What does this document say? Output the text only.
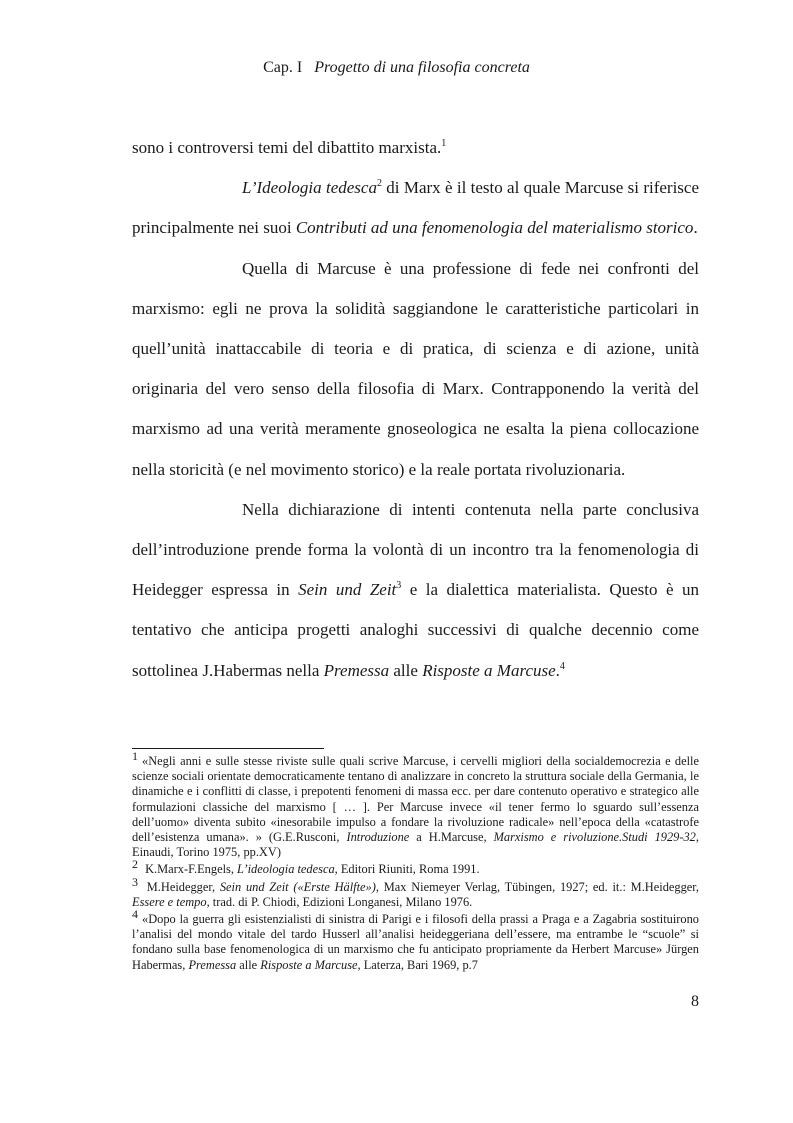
Cap. I Progetto di una filosofia concreta

sono i controversi temi del dibattito marxista.$^1$

L’Ideologia tedesca$^2$ di Marx è il testo al quale Marcuse si riferisce principalmente nei suoi Contributi ad una fenomenologia del materialismo storico.

Quella di Marcuse è una professione di fede nei confronti del marxismo: egli ne prova la solidità saggiandone le caratteristiche particolari in quell’unità inattaccabile di teoria e di pratica, di scienza e di azione, unità originaria del vero senso della filosofia di Marx. Contrapponendo la verità del marxismo ad una verità meramente gnoseologica ne esalta la piena collocazione nella storicità (e nel movimento storico) e la reale portata rivoluzionaria.

Nella dichiarazione di intenti contenuta nella parte conclusiva dell’introduzione prende forma la volontà di un incontro tra la fenomenologia di Heidegger espressa in Sein und Zeit$^3$ e la dialettica materialista. Questo è un tentativo che anticipa progetti analoghi successivi di qualche decennio come sottolinea J.Habermas nella Premessa alle Risposte a Marcuse.$^4$

1 «Negli anni e sulle stesse riviste sulle quali scrive Marcuse, i cervelli migliori della socialdemocrezia e delle scienze sociali orientate democraticamente tentano di analizzare in concreto la struttura sociale della Germania, le dinamiche e i conflitti di classe, i prepotenti fenomeni di massa ecc. per dare contenuto operativo e strategico alle formulazioni classiche del marxismo [ … ]. Per Marcuse invece «il tener fermo lo sguardo sull’essenza dell’uomo» diventa subito «inesorabile impulso a fondare la rivoluzione radicale» nell’epoca della «catastrofe dell’esistenza umana». » (G.E.Rusconi, Introduzione a H.Marcuse, Marxismo e rivoluzione.Studi 1929-32, Einaudi, Torino 1975, pp.XV)

2 K.Marx-F.Engels, L’ideologia tedesca, Editori Riuniti, Roma 1991.

3 M.Heidegger, Sein und Zeit («Erste Hälfte»), Max Niemeyer Verlag, Tübingen, 1927; ed. it.: M.Heidegger, Essere e tempo, trad. di P. Chiodi, Edizioni Longanesi, Milano 1976.

4 «Dopo la guerra gli esistenzialisti di sinistra di Parigi e i filosofi della prassi a Praga e a Zagabria sostituirono l’analisi del mondo vitale del tardo Husserl all’analisi heideggeriana dell’essere, ma entrambe le “scuole” si fondano sulla base fenomenologica di un marxismo che fu anticipato propriamente da Herbert Marcuse» Jürgen Habermas, Premessa alle Risposte a Marcuse, Laterza, Bari 1969, p.7

8
